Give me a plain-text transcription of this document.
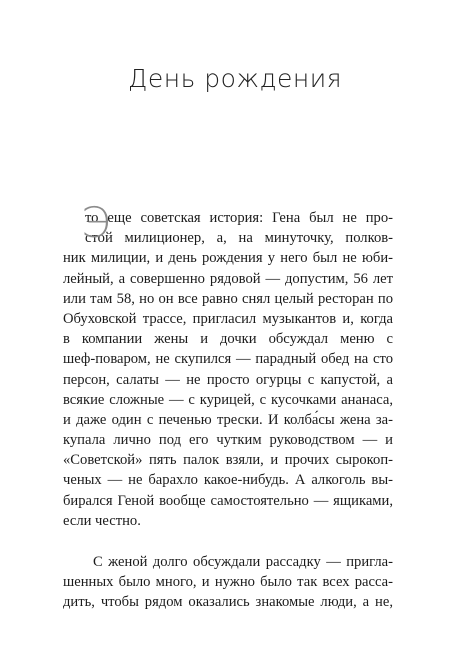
День рождения
Э
то еще советская история: Гена был не про-
стой милиционер, а, на минуточку, полков-
ник милиции, и день рождения у него был не юби-
лейный, а совершенно рядовой — допустим, 56 лет
или там 58, но он все равно снял целый ресторан по
Обуховской трассе, пригласил музыкантов и, когда
в компании жены и дочки обсуждал меню с
шеф-поваром, не скупился — парадный обед на сто
персон, салаты — не просто огурцы с капустой, а
всякие сложные — с курицей, с кусочками ананаса,
и даже один с печенью трески. И колба́сы жена за-
купала лично под его чутким руководством — и
«Советской» пять палок взяли, и прочих сырокоп-
ченых — не барахло какое-нибудь. А алкоголь вы-
бирался Геной вообще самостоятельно — ящиками,
если честно.
С женой долго обсуждали рассадку — пригла-
шенных было много, и нужно было так всех расса-
дить, чтобы рядом оказались знакомые люди, а не,
